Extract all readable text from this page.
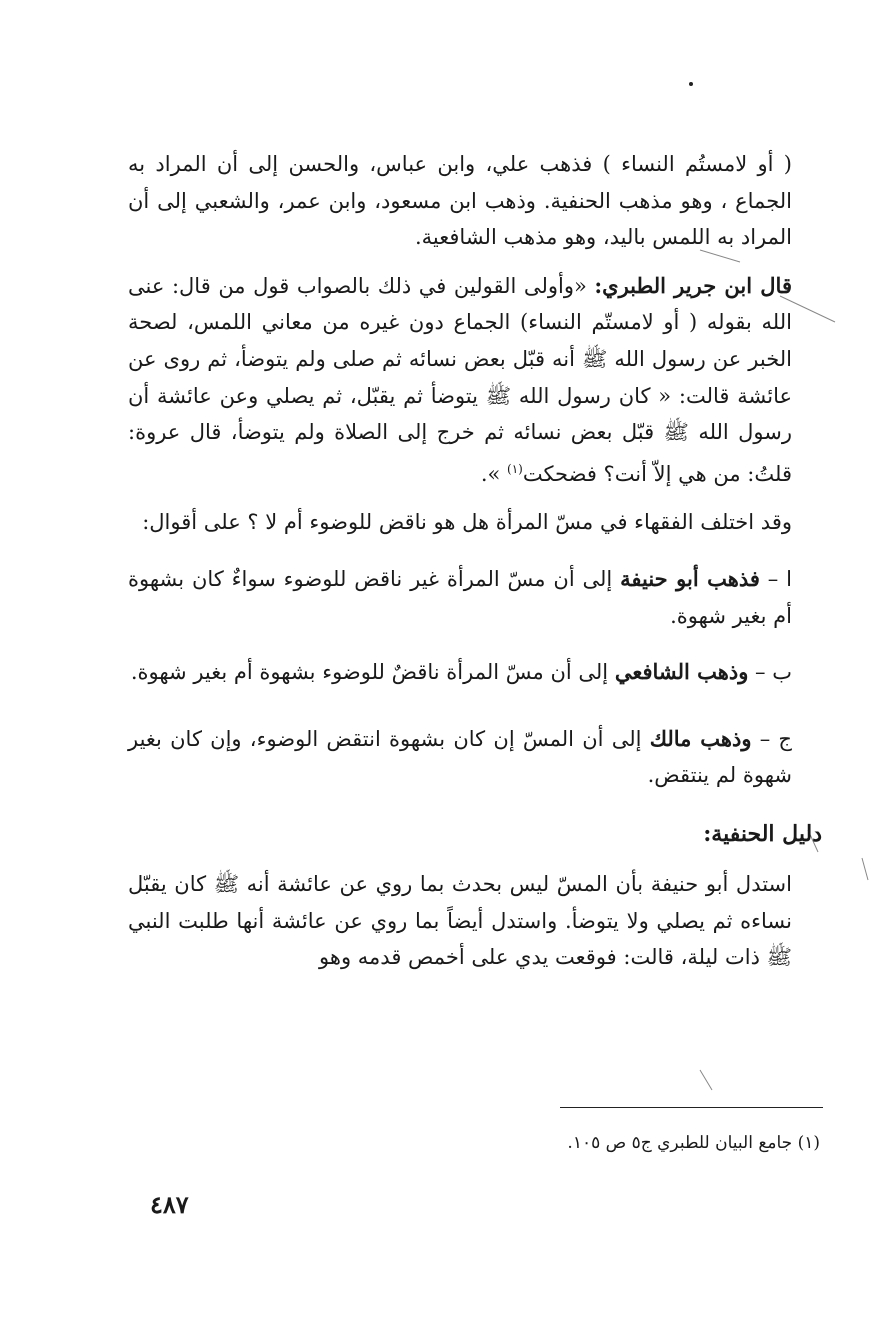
( أو لامستُم النساء ) فذهب علي، وابن عباس، والحسن إلى أن المراد به الجماع ، وهو مذهب الحنفية. وذهب ابن مسعود، وابن عمر، والشعبي إلى أن المراد به اللمس باليد، وهو مذهب الشافعية.

قال ابن جرير الطبري: «وأولى القولين في ذلك بالصواب قول من قال: عنى الله بقوله ( أو لامستّم النساء) الجماع دون غيره من معاني اللمس، لصحة الخبر عن رسول الله ﷺ أنه قبّل بعض نسائه ثم صلى ولم يتوضأ، ثم روى عن عائشة قالت: « كان رسول الله ﷺ يتوضأ ثم يقبّل، ثم يصلي وعن عائشة أن رسول الله ﷺ قبّل بعض نسائه ثم خرج إلى الصلاة ولم يتوضأ، قال عروة: قلتُ: من هي إلاّ أنت؟ فضحكت$^{(١)}$ ».

وقد اختلف الفقهاء في مسّ المرأة هل هو ناقض للوضوء أم لا ؟ على أقوال:

ا – فذهب أبو حنيفة إلى أن مسّ المرأة غير ناقض للوضوء سواءٌ كان بشهوة أم بغير شهوة.

ب – وذهب الشافعي إلى أن مسّ المرأة ناقضٌ للوضوء بشهوة أم بغير شهوة.

ج – وذهب مالك إلى أن المسّ إن كان بشهوة انتقض الوضوء، وإن كان بغير شهوة لم ينتقض.

دليل الحنفية:

استدل أبو حنيفة بأن المسّ ليس بحدث بما روي عن عائشة أنه ﷺ كان يقبّل نساءه ثم يصلي ولا يتوضأ. واستدل أيضاً بما روي عن عائشة أنها طلبت النبي ﷺ ذات ليلة، قالت: فوقعت يدي على أخمص قدمه وهو

(١) جامع البيان للطبري ج٥ ص ١٠٥.
٤٨٧
